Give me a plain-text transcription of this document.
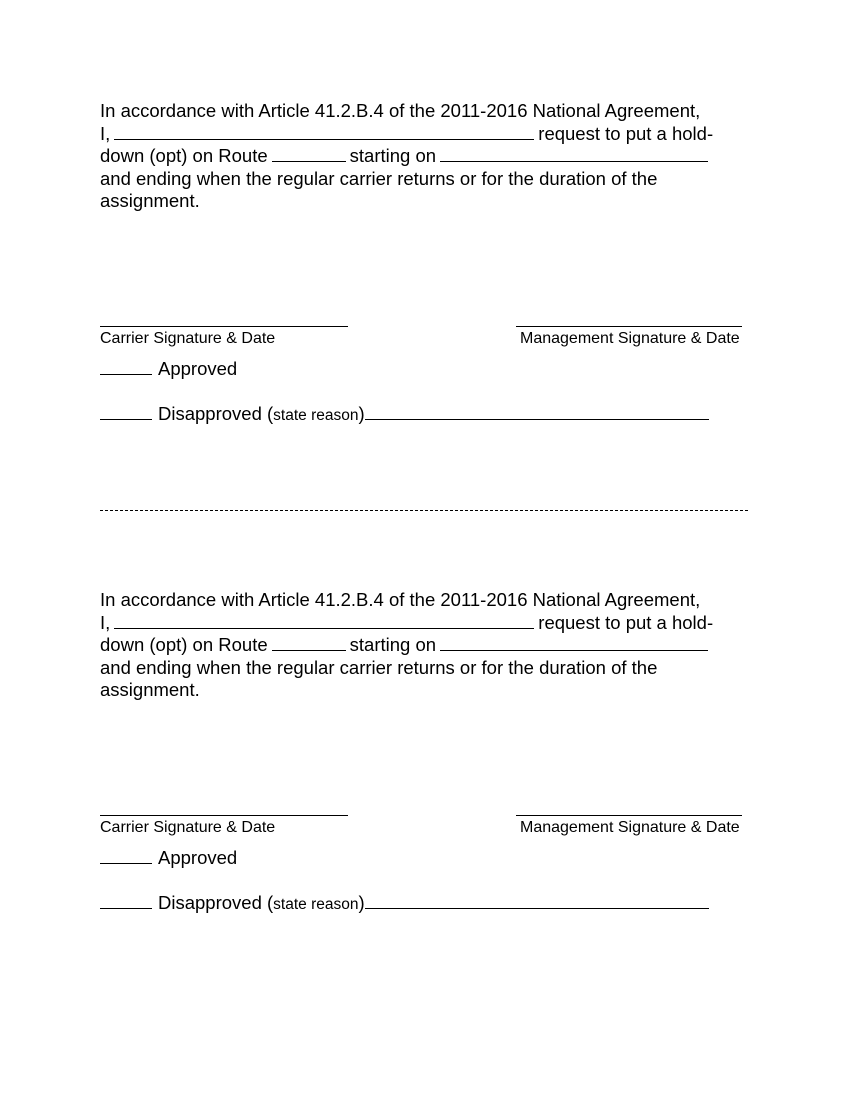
In accordance with Article 41.2.B.4 of the 2011-2016 National Agreement,
I,	request to put a hold-
down (opt) on Route	starting on
and ending when the regular carrier returns or for the duration of the
assignment.
Carrier Signature & Date	Management Signature & Date
Approved
Disapproved (state reason)
In accordance with Article 41.2.B.4 of the 2011-2016 National Agreement,
I,	request to put a hold-
down (opt) on Route	starting on
and ending when the regular carrier returns or for the duration of the
assignment.
Carrier Signature & Date	Management Signature & Date
Approved
Disapproved (state reason)
